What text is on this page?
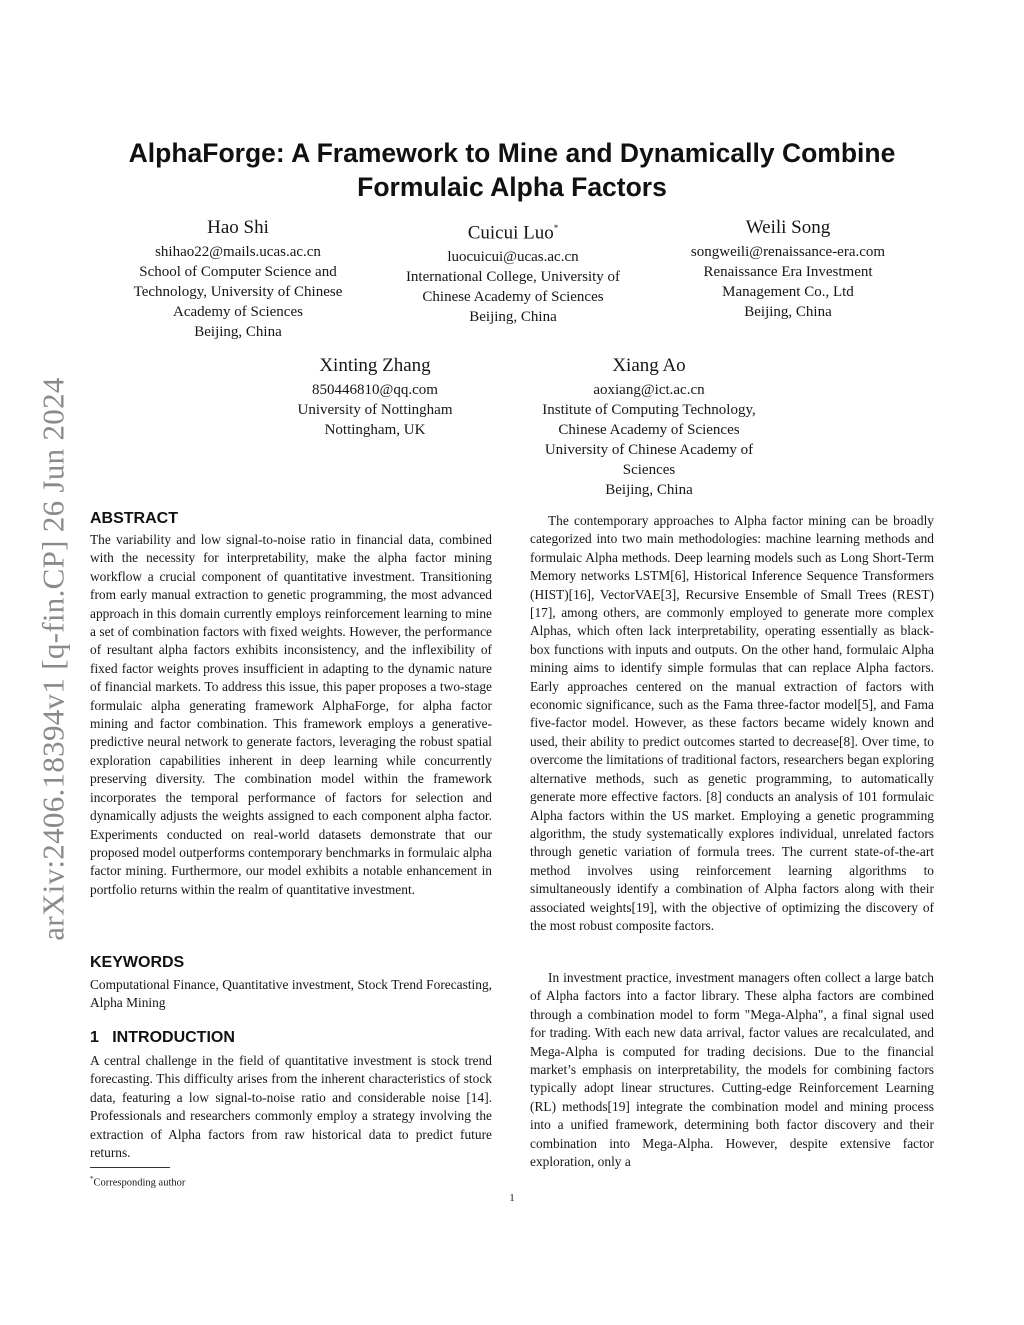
arXiv:2406.18394v1 [q-fin.CP] 26 Jun 2024
AlphaForge: A Framework to Mine and Dynamically Combine
Formulaic Alpha Factors
Hao Shi
shihao22@mails.ucas.ac.cn
School of Computer Science and
Technology, University of Chinese
Academy of Sciences
Beijing, China
Cuicui Luo*
luocuicui@ucas.ac.cn
International College, University of
Chinese Academy of Sciences
Beijing, China
Weili Song
songweili@renaissance-era.com
Renaissance Era Investment
Management Co., Ltd
Beijing, China
Xinting Zhang
850446810@qq.com
University of Nottingham
Nottingham, UK
Xiang Ao
aoxiang@ict.ac.cn
Institute of Computing Technology,
Chinese Academy of Sciences
University of Chinese Academy of
Sciences
Beijing, China
ABSTRACT

The variability and low signal-to-noise ratio in financial data, combined with the necessity for interpretability, make the alpha factor mining workflow a crucial component of quantitative investment. Transitioning from early manual extraction to genetic programming, the most advanced approach in this domain currently employs reinforcement learning to mine a set of combination factors with fixed weights. However, the performance of resultant alpha factors exhibits inconsistency, and the inflexibility of fixed factor weights proves insufficient in adapting to the dynamic nature of financial markets. To address this issue, this paper proposes a two-stage formulaic alpha generating framework AlphaForge, for alpha factor mining and factor combination. This framework employs a generative-predictive neural network to generate factors, leveraging the robust spatial exploration capabilities inherent in deep learning while concurrently preserving diversity. The combination model within the framework incorporates the temporal performance of factors for selection and dynamically adjusts the weights assigned to each component alpha factor. Experiments conducted on real-world datasets demonstrate that our proposed model outperforms contemporary benchmarks in formulaic alpha factor mining. Furthermore, our model exhibits a notable enhancement in portfolio returns within the realm of quantitative investment.

KEYWORDS

Computational Finance, Quantitative investment, Stock Trend Forecasting, Alpha Mining

1   INTRODUCTION

A central challenge in the field of quantitative investment is stock trend forecasting. This difficulty arises from the inherent characteristics of stock data, featuring a low signal-to-noise ratio and considerable noise [14]. Professionals and researchers commonly employ a strategy involving the extraction of Alpha factors from raw historical data to predict future returns.

The contemporary approaches to Alpha factor mining can be broadly categorized into two main methodologies: machine learning methods and formulaic Alpha methods. Deep learning models such as Long Short-Term Memory networks LSTM[6], Historical Inference Sequence Transformers (HIST)[16], VectorVAE[3], Recursive Ensemble of Small Trees (REST)[17], among others, are commonly employed to generate more complex Alphas, which often lack interpretability, operating essentially as black-box functions with inputs and outputs. On the other hand, formulaic Alpha mining aims to identify simple formulas that can replace Alpha factors. Early approaches centered on the manual extraction of factors with economic significance, such as the Fama three-factor model[5], and Fama five-factor model. However, as these factors became widely known and used, their ability to predict outcomes started to decrease[8]. Over time, to overcome the limitations of traditional factors, researchers began exploring alternative methods, such as genetic programming, to automatically generate more effective factors. [8] conducts an analysis of 101 formulaic Alpha factors within the US market. Employing a genetic programming algorithm, the study systematically explores individual, unrelated factors through genetic variation of formula trees. The current state-of-the-art method involves using reinforcement learning algorithms to simultaneously identify a combination of Alpha factors along with their associated weights[19], with the objective of optimizing the discovery of the most robust composite factors.

In investment practice, investment managers often collect a large batch of Alpha factors into a factor library. These alpha factors are combined through a combination model to form "Mega-Alpha", a final signal used for trading. With each new data arrival, factor values are recalculated, and Mega-Alpha is computed for trading decisions. Due to the financial market’s emphasis on interpretability, the models for combining factors typically adopt linear structures. Cutting-edge Reinforcement Learning (RL) methods[19] integrate the combination model and mining process into a unified framework, determining both factor discovery and their combination into Mega-Alpha. However, despite extensive factor exploration, only a

*Corresponding author
1
